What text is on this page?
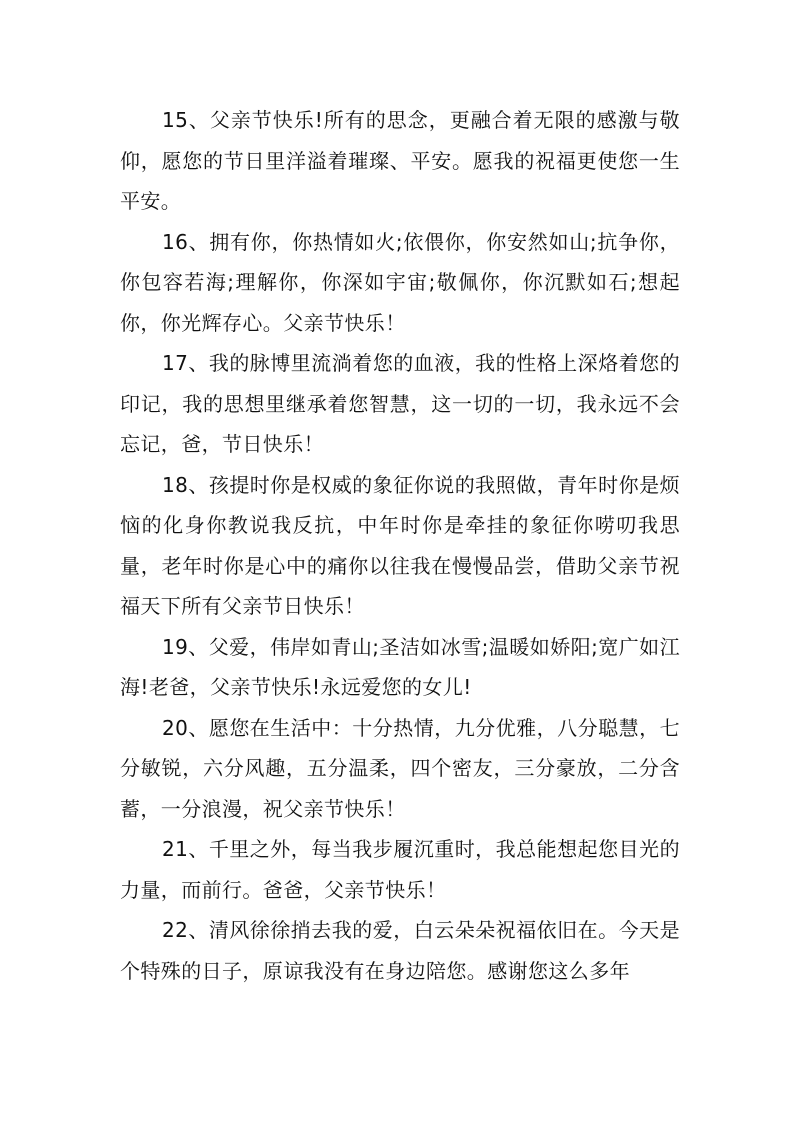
15、父亲节快乐!所有的思念，更融合着无限的感激与敬仰，愿您的节日里洋溢着璀璨、平安。愿我的祝福更使您一生平安。

16、拥有你，你热情如火;依偎你，你安然如山;抗争你，你包容若海;理解你，你深如宇宙;敬佩你，你沉默如石;想起你，你光辉存心。父亲节快乐！

17、我的脉博里流淌着您的血液，我的性格上深烙着您的印记，我的思想里继承着您智慧，这一切的一切，我永远不会忘记，爸，节日快乐！

18、孩提时你是权威的象征你说的我照做，青年时你是烦恼的化身你教说我反抗，中年时你是牵挂的象征你唠叨我思量，老年时你是心中的痛你以往我在慢慢品尝，借助父亲节祝福天下所有父亲节日快乐！

19、父爱，伟岸如青山;圣洁如冰雪;温暖如娇阳;宽广如江海!老爸，父亲节快乐!永远爱您的女儿!

20、愿您在生活中：十分热情，九分优雅，八分聪慧，七分敏锐，六分风趣，五分温柔，四个密友，三分豪放，二分含蓄，一分浪漫，祝父亲节快乐！

21、千里之外，每当我步履沉重时，我总能想起您目光的力量，而前行。爸爸，父亲节快乐！

22、清风徐徐捎去我的爱，白云朵朵祝福依旧在。今天是个特殊的日子，原谅我没有在身边陪您。感谢您这么多年
